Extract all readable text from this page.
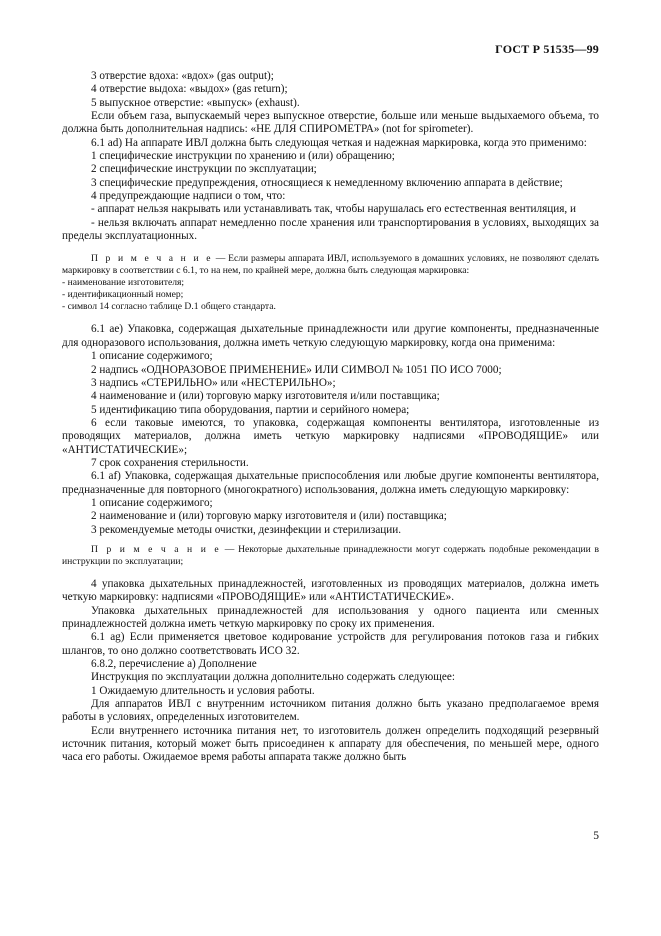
ГОСТ Р 51535—99

3 отверстие вдоха: «вдох» (gas output);

4 отверстие выдоха: «выдох» (gas return);

5 выпускное отверстие: «выпуск» (exhaust).

Если объем газа, выпускаемый через выпускное отверстие, больше или меньше выдыхаемого объема, то должна быть дополнительная надпись: «НЕ ДЛЯ СПИРОМЕТРА» (not for spirometer).

6.1 ad) На аппарате ИВЛ должна быть следующая четкая и надежная маркировка, когда это применимо:

1 специфические инструкции по хранению и (или) обращению;

2 специфические инструкции по эксплуатации;

3 специфические предупреждения, относящиеся к немедленному включению аппарата в действие;

4 предупреждающие надписи о том, что:

- аппарат нельзя накрывать или устанавливать так, чтобы нарушалась его естественная вентиляция, и

- нельзя включать аппарат немедленно после хранения или транспортирования в условиях, выходящих за пределы эксплуатационных.

П р и м е ч а н и е — Если размеры аппарата ИВЛ, используемого в домашних условиях, не позволяют сделать маркировку в соответствии с 6.1, то на нем, по крайней мере, должна быть следующая маркировка:

- наименование изготовителя;

- идентификационный номер;

- символ 14 согласно таблице D.1 общего стандарта.

6.1 ae) Упаковка, содержащая дыхательные принадлежности или другие компоненты, предназначенные для одноразового использования, должна иметь четкую следующую маркировку, когда она применима:

1 описание содержимого;

2 надпись «ОДНОРАЗОВОЕ ПРИМЕНЕНИЕ» ИЛИ СИМВОЛ № 1051 ПО ИСО 7000;

3 надпись «СТЕРИЛЬНО» или «НЕСТЕРИЛЬНО»;

4 наименование и (или) торговую марку изготовителя и/или поставщика;

5 идентификацию типа оборудования, партии и серийного номера;

6 если таковые имеются, то упаковка, содержащая компоненты вентилятора, изготовленные из проводящих материалов, должна иметь четкую маркировку надписями «ПРОВОДЯЩИЕ» или «АНТИСТАТИЧЕСКИЕ»;

7 срок сохранения стерильности.

6.1 af) Упаковка, содержащая дыхательные приспособления или любые другие компоненты вентилятора, предназначенные для повторного (многократного) использования, должна иметь следующую маркировку:

1 описание содержимого;

2 наименование и (или) торговую марку изготовителя и (или) поставщика;

3 рекомендуемые методы очистки, дезинфекции и стерилизации.

П р и м е ч а н и е — Некоторые дыхательные принадлежности могут содержать подобные рекомендации в инструкции по эксплуатации;

4 упаковка дыхательных принадлежностей, изготовленных из проводящих материалов, должна иметь четкую маркировку: надписями «ПРОВОДЯЩИЕ» или «АНТИСТАТИЧЕСКИЕ».

Упаковка дыхательных принадлежностей для использования у одного пациента или сменных принадлежностей должна иметь четкую маркировку по сроку их применения.

6.1 ag) Если применяется цветовое кодирование устройств для регулирования потоков газа и гибких шлангов, то оно должно соответствовать ИСО 32.

6.8.2, перечисление а) Дополнение

Инструкция по эксплуатации должна дополнительно содержать следующее:

1 Ожидаемую длительность и условия работы.

Для аппаратов ИВЛ с внутренним источником питания должно быть указано предполагаемое время работы в условиях, определенных изготовителем.

Если внутреннего источника питания нет, то изготовитель должен определить подходящий резервный источник питания, который может быть присоединен к аппарату для обеспечения, по меньшей мере, одного часа его работы. Ожидаемое время работы аппарата также должно быть

5
